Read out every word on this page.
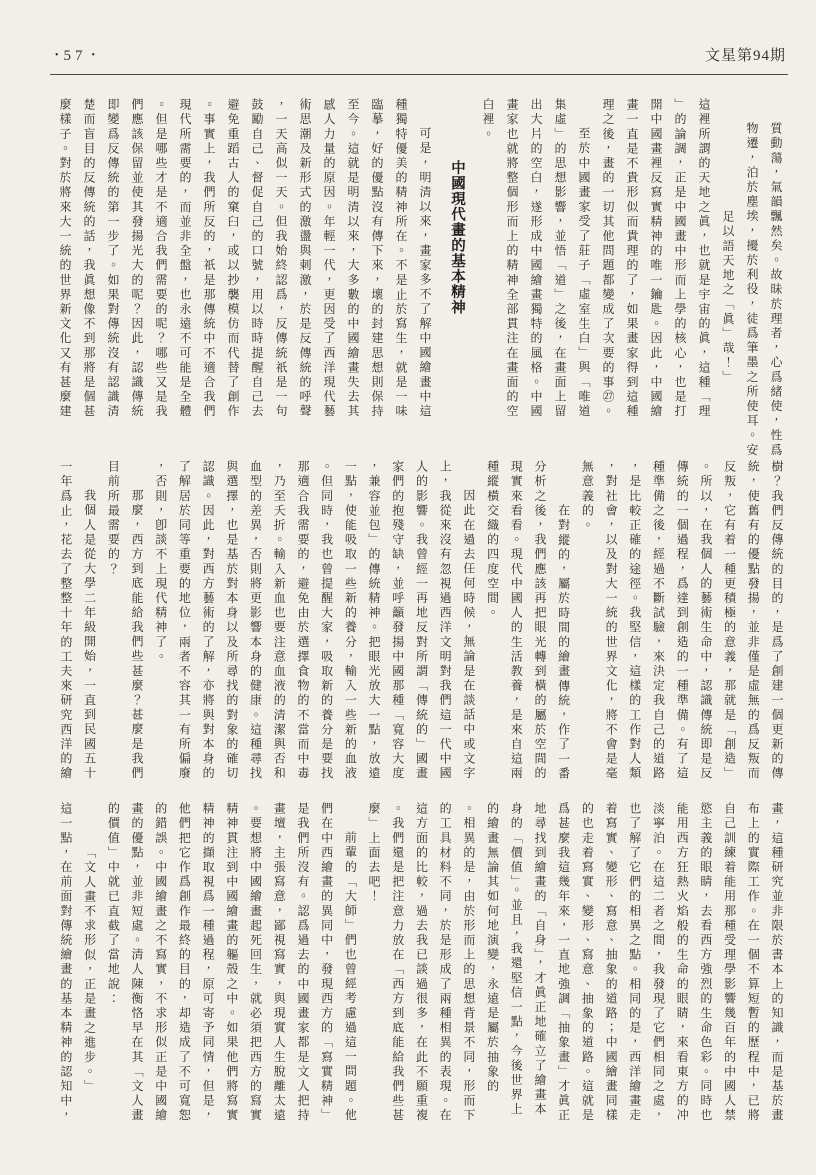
• 57 •	文星第94期
質動蕩，氣韻飄然矣。故昧於理者，心爲緒使，性爲
物遷，泊於塵埃，擾於利役，徒爲筆墨之所使耳。安
足以語天地之「眞」哉！」
這裡所謂的天地之眞，也就是宇宙的眞，這種「理
」的論調，正是中國畫中形而上學的核心，也是打
開中國畫裡反寫實精神的唯一鑰匙。因此，中國繪
畫一直是不貴形似而貴理的了，如果畫家得到這種
理之後，畫的一切其他問題都變成了次要的事㉗。
至於中國畫家受了莊子「虛室生白」與「唯道
集虛」的思想影響，並悟「道」之後，在畫面上留
出大片的空白，遂形成中國繪畫獨特的風格。中國
畫家也就將整個形而上的精神全部貫注在畫面的空
白裡。
中國現代畫的基本精神
可是，明清以來，畫家多不了解中國繪畫中這
種獨特優美的精神所在。不是止於寫生，就是一味
臨摹，好的優點沒有傳下來，壞的封建思想則保持
至今。這就是明清以來，大多數的中國繪畫失去其
感人力量的原因。年輕一代，更因受了西洋現代藝
術思潮及新形式的激盪與刺激，於是反傳統的呼聲
，一天高似一天。但我始終認爲，反傳統祇是一句
鼓勵自己、督促自己的口號，用以時時提醒自己去
避免重蹈古人的窠臼，或以抄襲模仿而代替了創作
。事實上，我們所反的，祇是那傳統中不適合我們
現代所需要的，而並非全盤，也永遠不可能是全體
。但是哪些才是不適合我們需要的呢？哪些又是我
們應該保留並使其發揚光大的呢？因此，認識傳統
即變爲反傳統的第一步了。如果對傳統沒有認識清
楚而盲目的反傳統的話，我眞想像不到那將是個甚
麼樣子。對於將來大一統的世界新文化又有甚麼建
樹？我們反傳統的目的，是爲了創建一個更新的傳
統，使舊有的優點發揚，並非僅是虛無的爲反叛而
反叛，它有着一種更積極的意義，那就是「創造」
。所以，在我個人的藝術生命中，認識傳統即是反
傳統的一個過程，爲達到創造的一種準備。有了這
種準備之後，經過不斷試驗，來決定我自己的道路
，是比較正確的途徑。我堅信，這樣的工作對人類
，對社會，以及對大一統的世界文化，將不會是毫
無意義的。
在對縱的，屬於時間的繪畫傳統，作了一番
分析之後，我們應該再把眼光轉到橫的屬於空間的
現實來看看。現代中國人的生活教養，是來自這兩
種縱橫交織的四度空間。
因此在過去任何時候，無論是在談話中或文字
上，我從來沒有忽視過西洋文明對我們這一代中國
人的影響。我曾經一再地反對所謂「傳統的」國畫
家們的抱殘守缺，並呼籲發揚中國那種「寬容大度
，兼容並包」的傳統精神。把眼光放大一點，放遠
一點，使能吸取一些新的養分，輸入一些新的血液
。但同時，我也曾提醒大家，吸取新的養分是要找
那適合我需要的，避免由於選擇食物的不當而中毒
，乃至夭折。輸入新血也要注意血液的清潔與否和
血型的差異，否則將更影響本身的健康。這種尋找
與選擇，也是基於對本身以及所尋找的對象的確切
認識。因此，對西方藝術的了解，亦將與對本身的
了解居於同等重要的地位，兩者不容其一有所偏廢
，否則，卽談不上現代精神了。
那麼，西方到底能給我們些甚麼？甚麼是我們
目前所最需要的？
我個人是從大學二年級開始，一直到民國五十
一年爲止，花去了整整十年的工夫來研究西洋的繪
畫，這種研究並非限於書本上的知識，而是基於畫
布上的實際工作。在一個不算短暫的歷程中，已將
自己訓練着能用那種受理學影響幾百年的中國人禁
慾主義的眼睛，去看西方強烈的生命色彩。同時也
能用西方狂熱火焰般的生命的眼睛，來看東方的冲
淡寧泊。在這二者之間，我發現了它們相同之處，
也了解了它們的相異之點。相同的是，西洋繪畫走
着寫實、變形、寫意、抽象的道路；中國繪畫同樣
的也走着寫實、變形、寫意、抽象的道路。這就是
爲甚麼我這幾年來，一直地強調「抽象畫」才眞正
地尋找到繪畫的「自身」，才眞正地確立了繪畫本
身的「價值」。並且，我還堅信一點，今後世界上
的繪畫無論其如何地演變，永遠是屬於抽象的
。相異的是，由於形而上的思想背景不同，形而下
的工具材料不同，於是形成了兩種相異的表現。在
這方面的比較，過去我已談過很多，在此不願重複
。我們還是把注意力放在「西方到底能給我們些甚
麼」上面去吧！
前輩的「大師」們也曾經考慮過這一問題。他
們在中西繪畫的異同中，發現西方的「寫實精神」
是我們所沒有。認爲過去的中國畫家都是文人把持
畫壇，主張寫意，鄙視寫實，與現實人生脫離太遠
。要想將中國繪畫起死回生，就必須把西方的寫實
精神貫注到中國繪畫的軀殼之中。如果他們將寫實
精神的擷取視爲一種過程，原可寄予同情，但是，
他們把它作爲創作最終的目的，却造成了不可寬恕
的錯誤。中國繪畫之不寫實，不求形似正是中國繪
畫的優點，並非短處。清人陳衡恪早在其「文人畫
的價值」中就已直截了當地說：
「文人畫不求形似，正是畫之進步。」
這一點，在前面對傳統繪畫的基本精神的認知中，
